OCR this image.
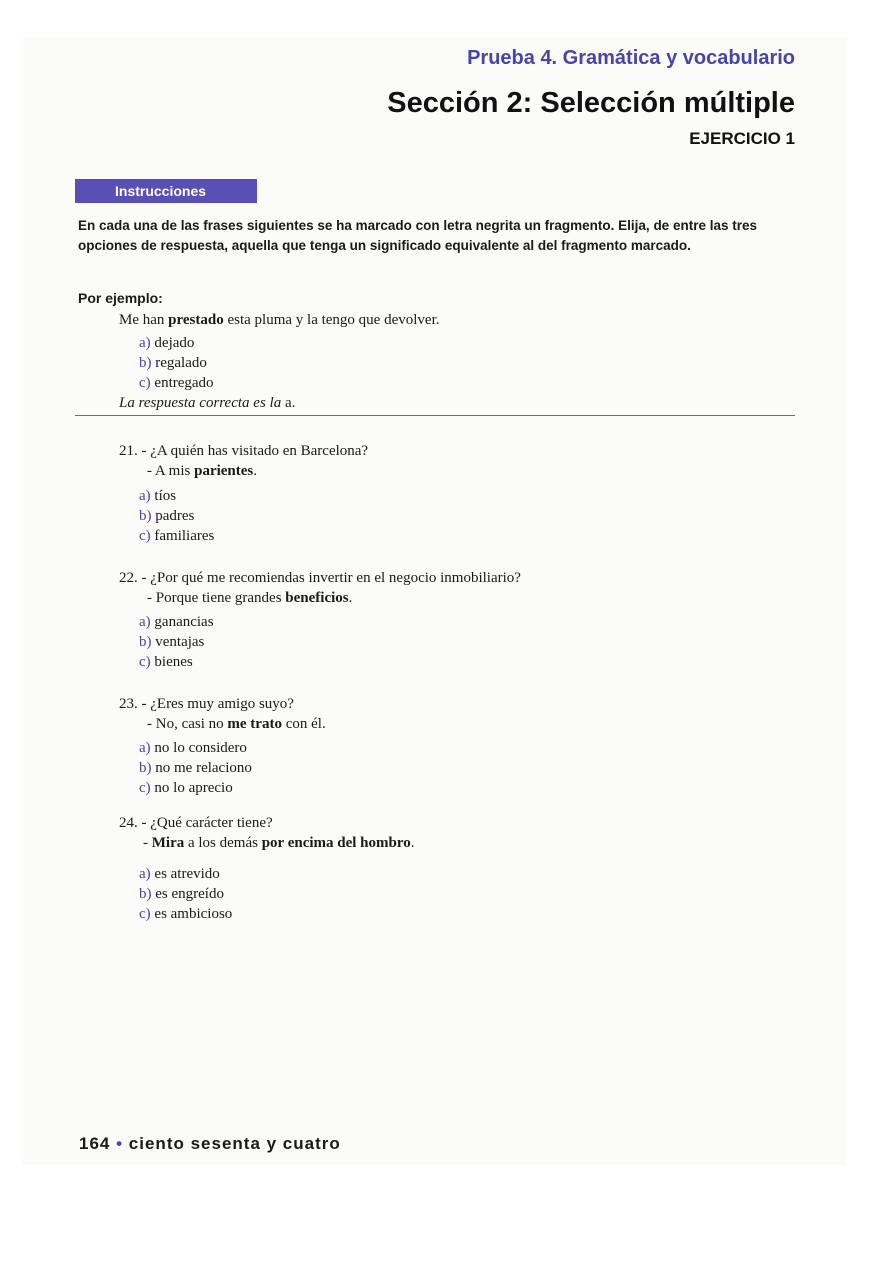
Prueba 4. Gramática y vocabulario
Sección 2: Selección múltiple
EJERCICIO 1
Instrucciones
En cada una de las frases siguientes se ha marcado con letra negrita un fragmento. Elija, de entre las tres opciones de respuesta, aquella que tenga un significado equivalente al del fragmento marcado.
Por ejemplo:
Me han prestado esta pluma y la tengo que devolver.
a) dejado
b) regalado
c) entregado
La respuesta correcta es la a.
21. - ¿A quién has visitado en Barcelona?
- A mis parientes.
a) tíos
b) padres
c) familiares
22. - ¿Por qué me recomiendas invertir en el negocio inmobiliario?
- Porque tiene grandes beneficios.
a) ganancias
b) ventajas
c) bienes
23. - ¿Eres muy amigo suyo?
- No, casi no me trato con él.
a) no lo considero
b) no me relaciono
c) no lo aprecio
24. - ¿Qué carácter tiene?
- Mira a los demás por encima del hombro.
a) es atrevido
b) es engreído
c) es ambicioso
164 • ciento sesenta y cuatro
